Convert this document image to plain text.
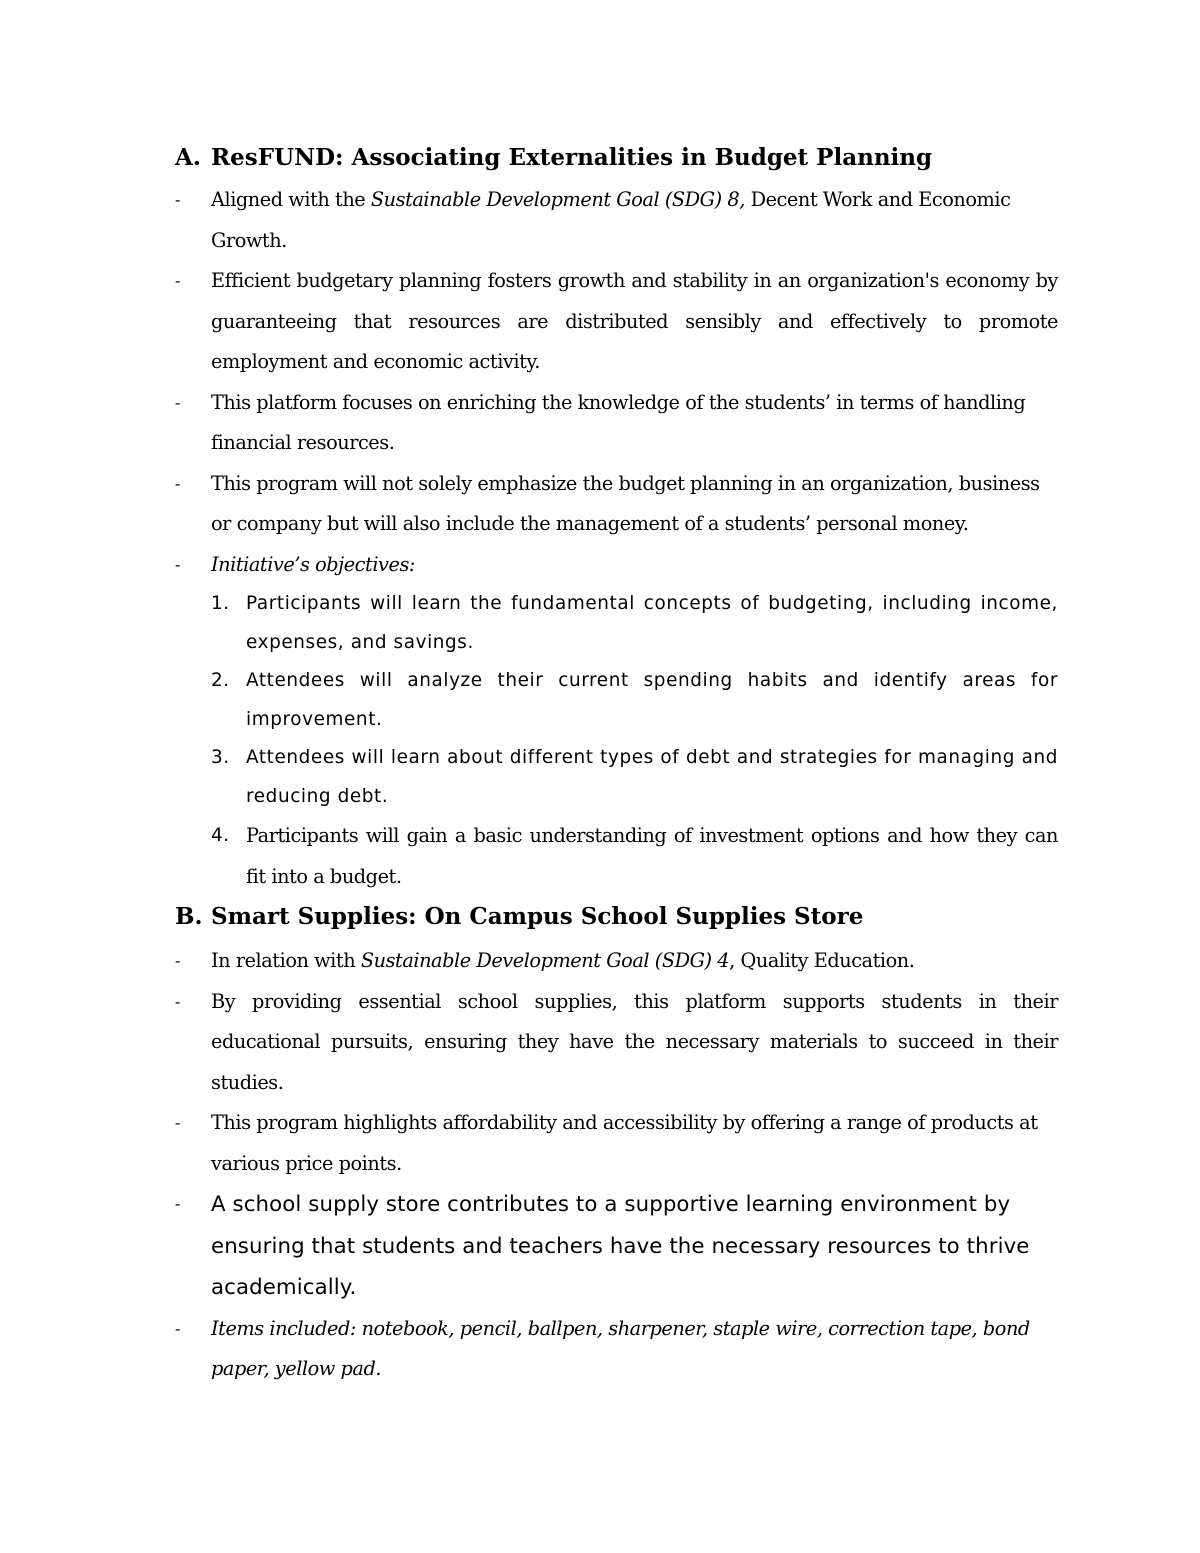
A. ResFUND: Associating Externalities in Budget Planning
-	Aligned with the Sustainable Development Goal (SDG) 8, Decent Work and Economic Growth.
-	Efficient budgetary planning fosters growth and stability in an organization's economy by guaranteeing that resources are distributed sensibly and effectively to promote employment and economic activity.
-	This platform focuses on enriching the knowledge of the students’ in terms of handling financial resources.
-	This program will not solely emphasize the budget planning in an organization, business or company but will also include the management of a students’ personal money.
-	Initiative’s objectives:
1. Participants will learn the fundamental concepts of budgeting, including income, expenses, and savings.
2. Attendees will analyze their current spending habits and identify areas for improvement.
3. Attendees will learn about different types of debt and strategies for managing and reducing debt.
4. Participants will gain a basic understanding of investment options and how they can fit into a budget.
B. Smart Supplies: On Campus School Supplies Store
-	In relation with Sustainable Development Goal (SDG) 4, Quality Education.
-	By providing essential school supplies, this platform supports students in their educational pursuits, ensuring they have the necessary materials to succeed in their studies.
-	This program highlights affordability and accessibility by offering a range of products at various price points.
-	A school supply store contributes to a supportive learning environment by ensuring that students and teachers have the necessary resources to thrive academically.
-	Items included: notebook, pencil, ballpen, sharpener, staple wire, correction tape, bond paper, yellow pad.
